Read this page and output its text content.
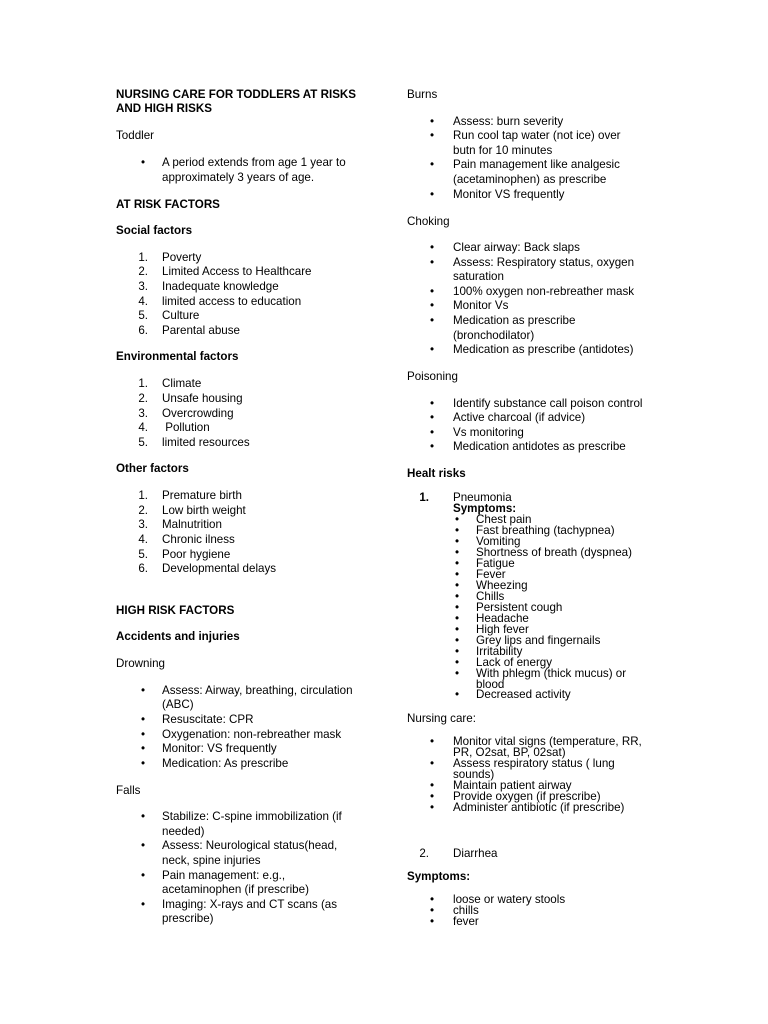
NURSING CARE FOR TODDLERS AT RISKS
AND HIGH RISKS
Toddler
• A period extends from age 1 year to
approximately 3 years of age.
AT RISK FACTORS
Social factors
1. Poverty
2. Limited Access to Healthcare
3. Inadequate knowledge
4. limited access to education
5. Culture
6. Parental abuse
Environmental factors
1. Climate
2. Unsafe housing
3. Overcrowding
4. Pollution
5. limited resources
Other factors
1. Premature birth
2. Low birth weight
3. Malnutrition
4. Chronic ilness
5. Poor hygiene
6. Developmental delays
HIGH RISK FACTORS
Accidents and injuries
Drowning
• Assess: Airway, breathing, circulation
(ABC)
• Resuscitate: CPR
• Oxygenation: non-rebreather mask
• Monitor: VS frequently
• Medication: As prescribe
Falls
• Stabilize: C-spine immobilization (if
needed)
• Assess: Neurological status(head,
neck, spine injuries
• Pain management: e.g.,
acetaminophen (if prescribe)
• Imaging: X-rays and CT scans (as
prescribe)
Burns
• Assess: burn severity
• Run cool tap water (not ice) over
butn for 10 minutes
• Pain management like analgesic
(acetaminophen) as prescribe
• Monitor VS frequently
Choking
• Clear airway: Back slaps
• Assess: Respiratory status, oxygen
saturation
• 100% oxygen non-rebreather mask
• Monitor Vs
• Medication as prescribe
(bronchodilator)
• Medication as prescribe (antidotes)
Poisoning
• Identify substance call poison control
• Active charcoal (if advice)
• Vs monitoring
• Medication antidotes as prescribe
Healt risks
1. Pneumonia
Symptoms:
• Chest pain
• Fast breathing (tachypnea)
• Vomiting
• Shortness of breath (dyspnea)
• Fatigue
• Fever
• Wheezing
• Chills
• Persistent cough
• Headache
• High fever
• Grey lips and fingernails
• Irritability
• Lack of energy
• With phlegm (thick mucus) or
blood
• Decreased activity
Nursing care:
• Monitor vital signs (temperature, RR,
PR, O2sat, BP, 02sat)
• Assess respiratory status ( lung
sounds)
• Maintain patient airway
• Provide oxygen (if prescribe)
• Administer antibiotic (if prescribe)
2. Diarrhea
Symptoms:
• loose or watery stools
• chills
• fever
